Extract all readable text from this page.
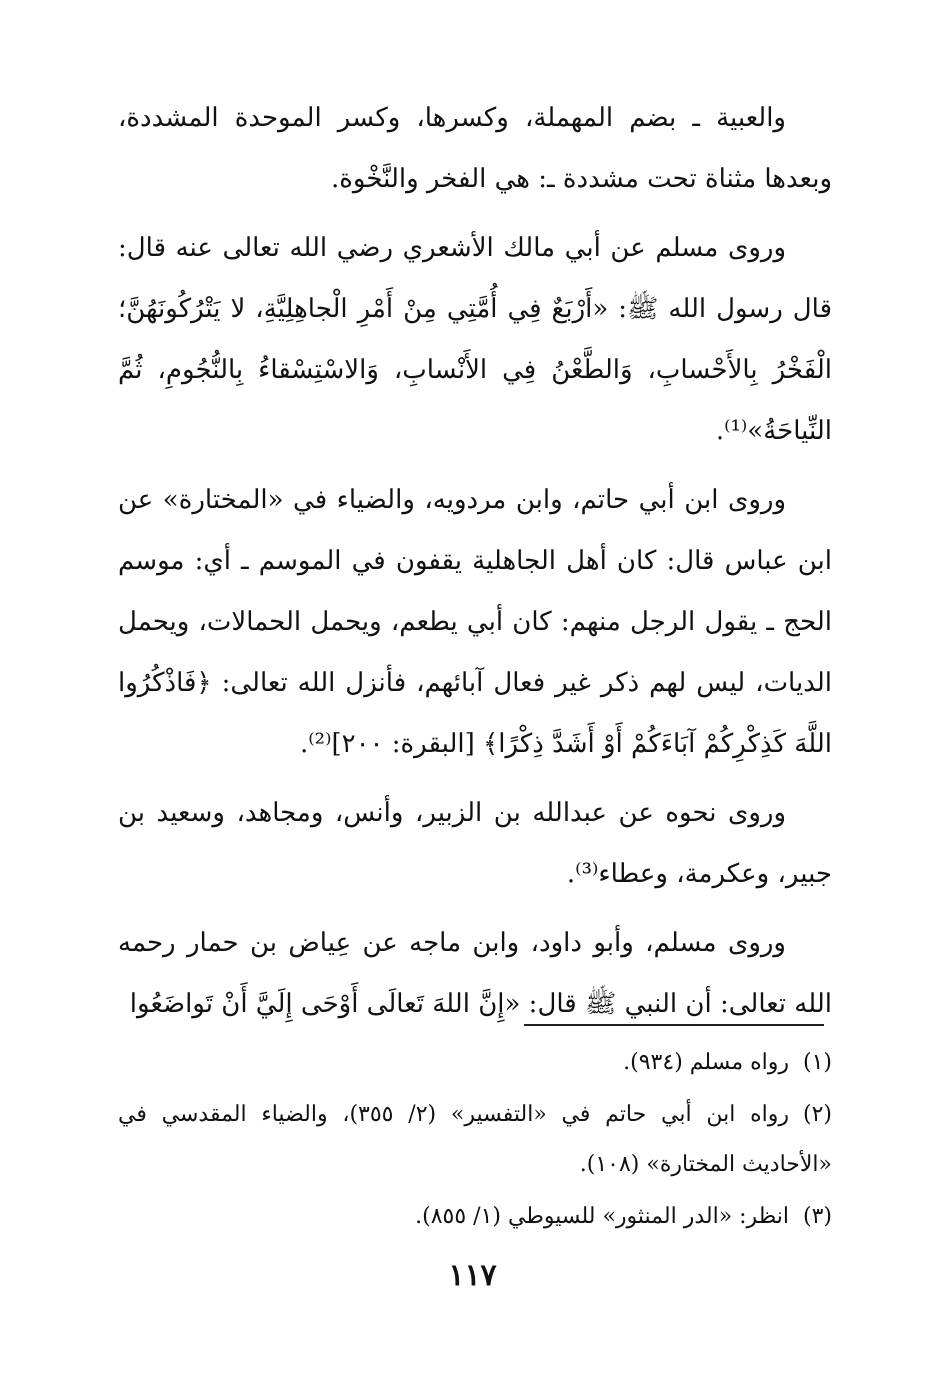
والعبية ـ بضم المهملة، وكسرها، وكسر الموحدة المشددة، وبعدها مثناة تحت مشددة ـ: هي الفخر والنَّخْوة.

وروى مسلم عن أبي مالك الأشعري رضي الله تعالى عنه قال: قال رسول الله ﷺ: «أَرْبَعٌ فِي أُمَّتِي مِنْ أَمْرِ الْجاهِلِيَّةِ، لا يَتْرُكُونَهُنَّ؛ الْفَخْرُ بِالأَحْسابِ، وَالطَّعْنُ فِي الأَنْسابِ، وَالاسْتِسْقاءُ بِالنُّجُومِ، ثُمَّ النِّياحَةُ»⁽¹⁾.

وروى ابن أبي حاتم، وابن مردويه، والضياء في «المختارة» عن ابن عباس قال: كان أهل الجاهلية يقفون في الموسم ـ أي: موسم الحج ـ يقول الرجل منهم: كان أبي يطعم، ويحمل الحمالات، ويحمل الديات، ليس لهم ذكر غير فعال آبائهم، فأنزل الله تعالى: ﴿فَاذْكُرُوا اللَّهَ كَذِكْرِكُمْ آبَاءَكُمْ أَوْ أَشَدَّ ذِكْرًا﴾ [البقرة: ٢٠٠]⁽²⁾.

وروى نحوه عن عبدالله بن الزبير، وأنس، ومجاهد، وسعيد بن جبير، وعكرمة، وعطاء⁽³⁾.

وروى مسلم، وأبو داود، وابن ماجه عن عِياض بن حمار رحمه الله تعالى: أن النبي ﷺ قال: «إِنَّ اللهَ تَعالَى أَوْحَى إِلَيَّ أَنْ تَواضَعُوا

(١)رواه مسلم (٩٣٤).
(٢)رواه ابن أبي حاتم في «التفسير» (٢/ ٣٥٥)، والضياء المقدسي في «الأحاديث المختارة» (١٠٨).
(٣)انظر: «الدر المنثور» للسيوطي (١/ ٨٥٥).
١١٧
